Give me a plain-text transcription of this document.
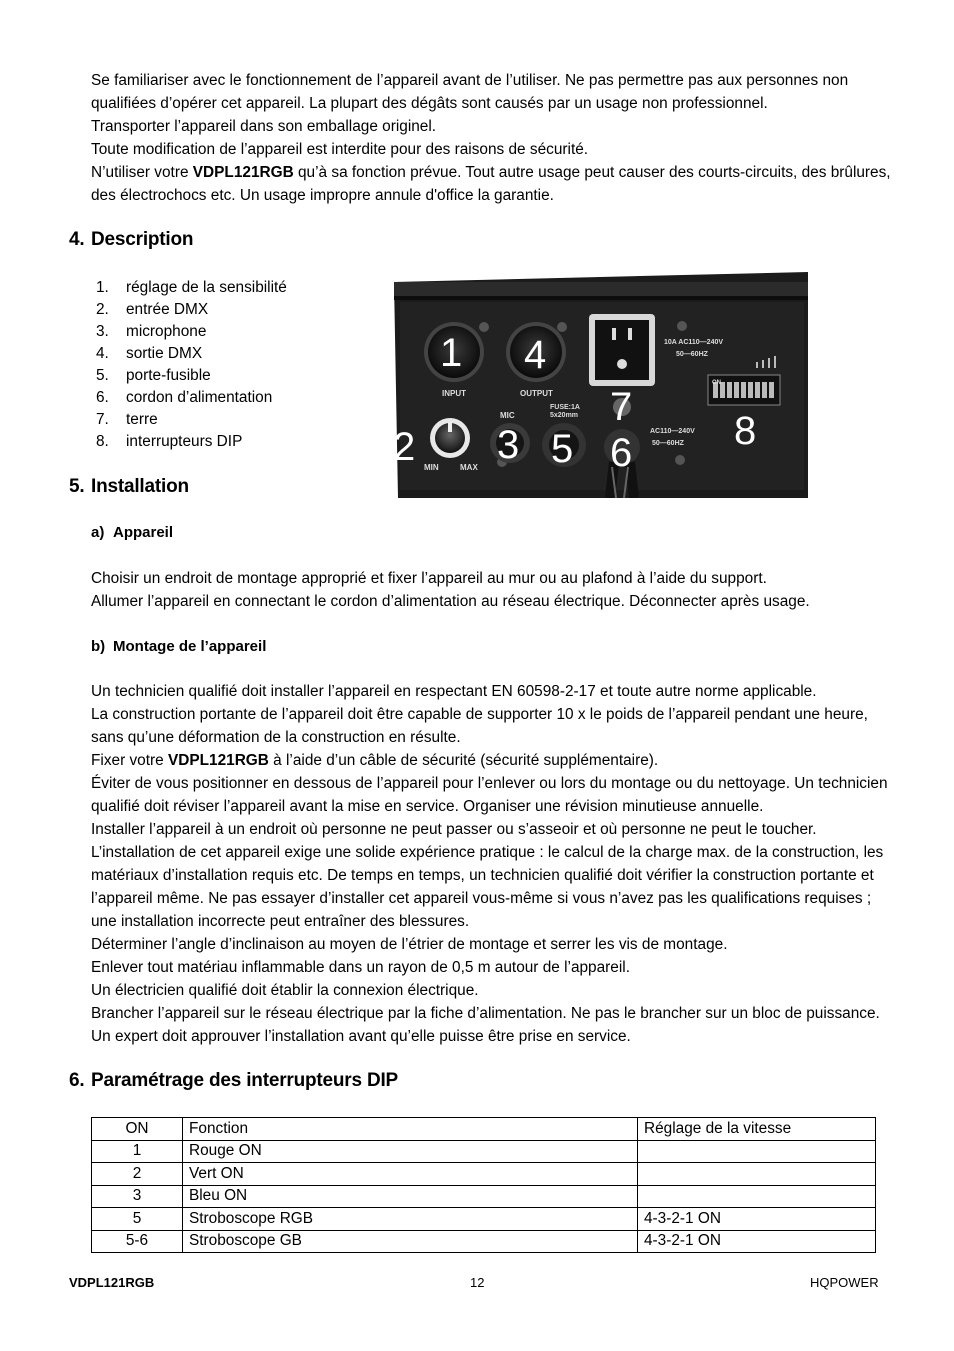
Se familiariser avec le fonctionnement de l’appareil avant de l’utiliser. Ne pas permettre pas aux personnes non qualifiées d’opérer cet appareil. La plupart des dégâts sont causés par un usage non professionnel.

Transporter l’appareil dans son emballage originel.

Toute modification de l’appareil est interdite pour des raisons de sécurité.

N’utiliser votre VDPL121RGB qu’à sa fonction prévue. Tout autre usage peut causer des courts-circuits, des brûlures, des électrochocs etc. Un usage impropre annule d'office la garantie.

4. Description
1.	réglage de la sensibilité
2.	entrée DMX
3.	microphone
4.	sortie DMX
5.	porte-fusible
6.	cordon d’alimentation
7.	terre
8.	interrupteurs DIP
INPUT	OUTPUT
MIC
MIN	MAX
FUSE:1A
5x20mm
10A AC110—240V
50—60HZ
AC110—240V
50—60HZ
ON
1
2 3
4
5 6
7
8
5. Installation
a) Appareil

Choisir un endroit de montage approprié et fixer l’appareil au mur ou au plafond à l’aide du support.

Allumer l’appareil en connectant le cordon d’alimentation au réseau électrique. Déconnecter après usage.

b) Montage de l’appareil

Un technicien qualifié doit installer l’appareil en respectant EN 60598-2-17 et toute autre norme applicable.

La construction portante de l’appareil doit être capable de supporter 10 x le poids de l’appareil pendant une heure, sans qu’une déformation de la construction en résulte.

Fixer votre VDPL121RGB à l’aide d’un câble de sécurité (sécurité supplémentaire).

Éviter de vous positionner en dessous de l’appareil pour l’enlever ou lors du montage ou du nettoyage. Un technicien qualifié doit réviser l’appareil avant la mise en service. Organiser une révision minutieuse annuelle.

Installer l’appareil à un endroit où personne ne peut passer ou s’asseoir et où personne ne peut le toucher.

L’installation de cet appareil exige une solide expérience pratique : le calcul de la charge max. de la construction, les matériaux d’installation requis etc. De temps en temps, un technicien qualifié doit vérifier la construction portante et l’appareil même. Ne pas essayer d’installer cet appareil vous-même si vous n’avez pas les qualifications requises ; une installation incorrecte peut entraîner des blessures.

Déterminer l’angle d’inclinaison au moyen de l’étrier de montage et serrer les vis de montage.

Enlever tout matériau inflammable dans un rayon de 0,5 m autour de l’appareil.

Un électricien qualifié doit établir la connexion électrique.

Brancher l’appareil sur le réseau électrique par la fiche d’alimentation. Ne pas le brancher sur un bloc de puissance.

Un expert doit approuver l’installation avant qu’elle puisse être prise en service.

6. Paramétrage des interrupteurs DIP
ON	Fonction	Réglage de la vitesse
1	Rouge ON	
2	Vert ON	
3	Bleu ON	
5	Stroboscope RGB	4-3-2-1 ON
5-6	Stroboscope GB	4-3-2-1 ON
VDPL121RGB	12	HQPOWER
